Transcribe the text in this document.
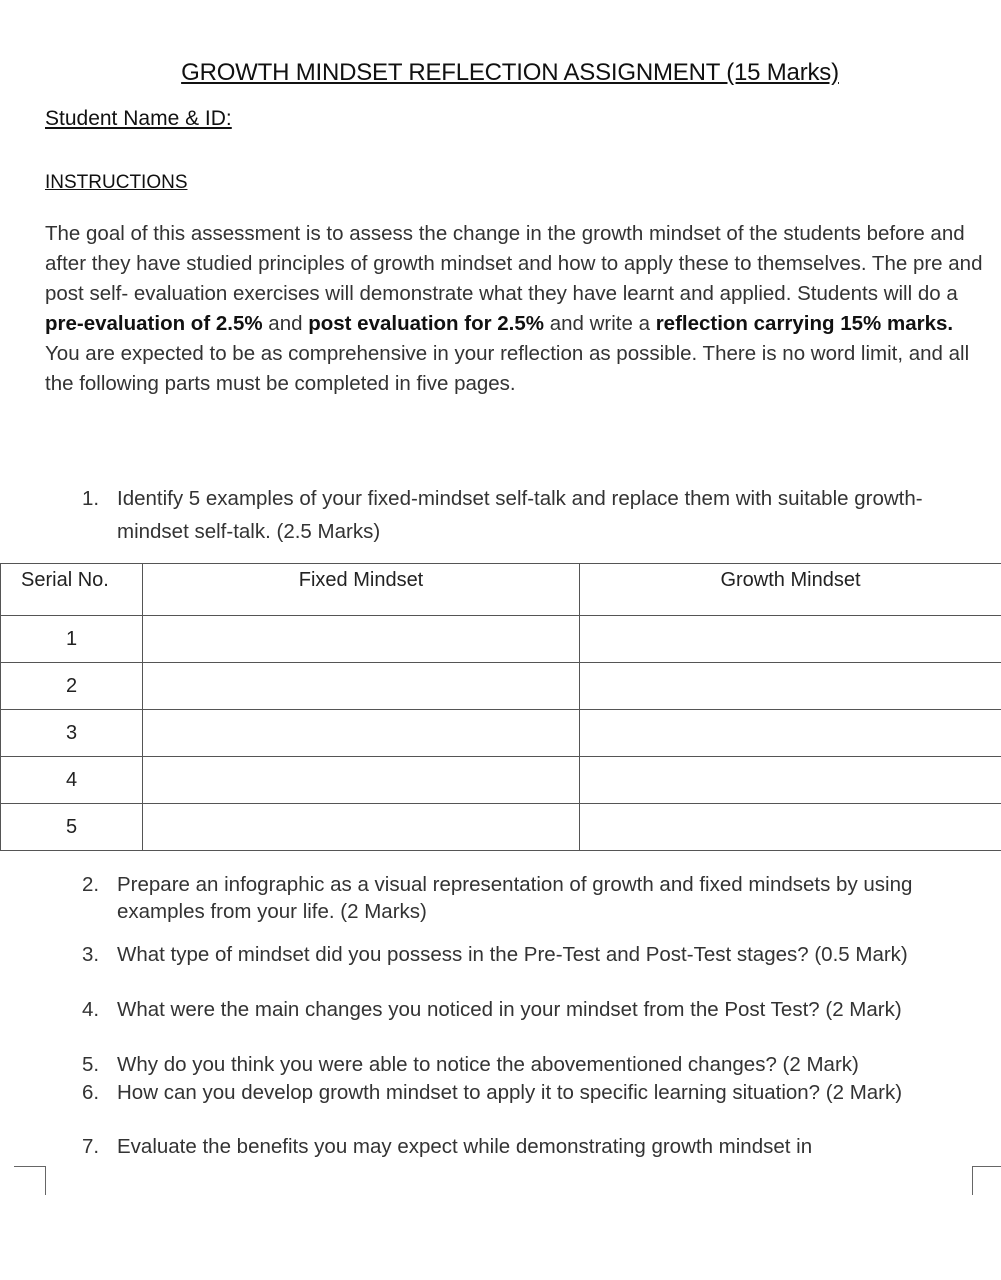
GROWTH MINDSET REFLECTION ASSIGNMENT (15 Marks)
Student Name & ID:
INSTRUCTIONS
The goal of this assessment is to assess the change in the growth mindset of the students before and after they have studied principles of growth mindset and how to apply these to themselves. The pre and post self- evaluation exercises will demonstrate what they have learnt and applied. Students will do a pre-evaluation of 2.5% and post evaluation for 2.5% and write a reflection carrying 15% marks. You are expected to be as comprehensive in your reflection as possible. There is no word limit, and all the following parts must be completed in five pages.
1. Identify 5 examples of your fixed-mindset self-talk and replace them with suitable growth-mindset self-talk. (2.5 Marks)
Serial No.	Fixed Mindset	Growth Mindset
1		
2		
3		
4		
5		
2. Prepare an infographic as a visual representation of growth and fixed mindsets by using examples from your life. (2 Marks)
3. What type of mindset did you possess in the Pre-Test and Post-Test stages? (0.5 Mark)
4. What were the main changes you noticed in your mindset from the Post Test? (2 Mark)
5. Why do you think you were able to notice the abovementioned changes? (2 Mark)
6. How can you develop growth mindset to apply it to specific learning situation? (2 Mark)
7. Evaluate the benefits you may expect while demonstrating growth mindset in
